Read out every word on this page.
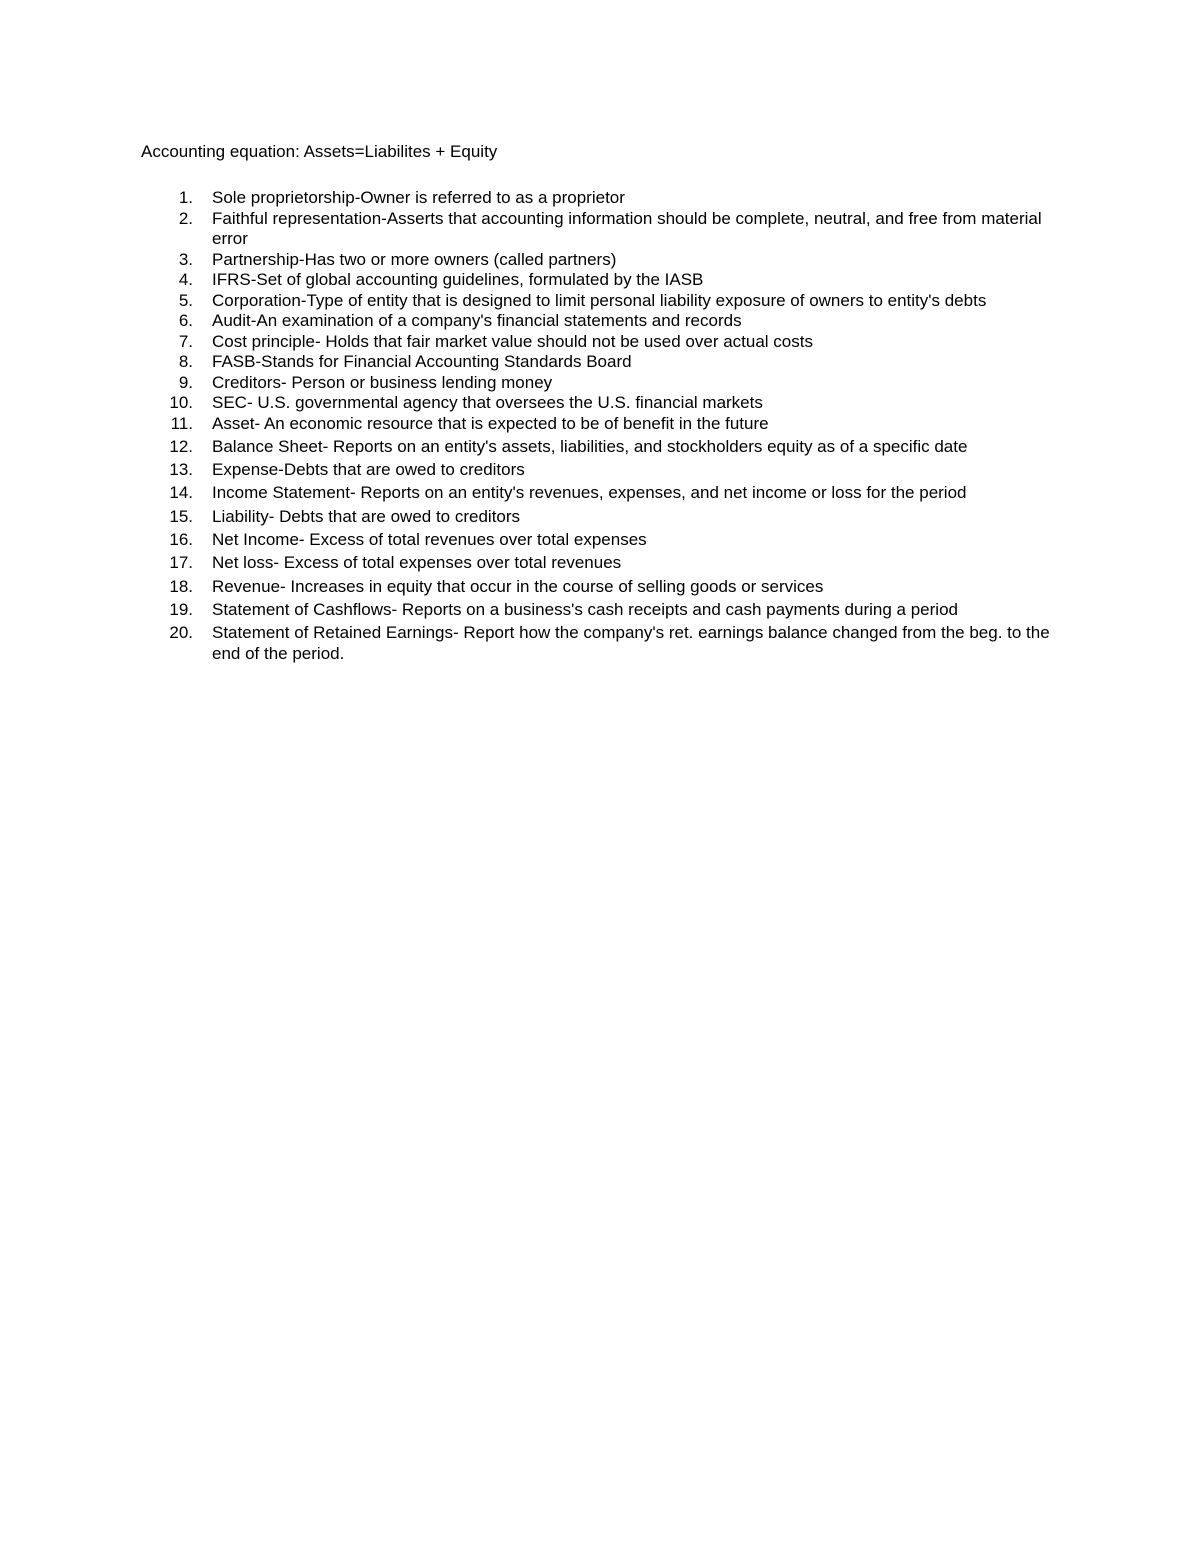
Accounting equation: Assets=Liabilites + Equity
1. Sole proprietorship-Owner is referred to as a proprietor
2. Faithful representation-Asserts that accounting information should be complete, neutral, and free from material error
3. Partnership-Has two or more owners (called partners)
4. IFRS-Set of global accounting guidelines, formulated by the IASB
5. Corporation-Type of entity that is designed to limit personal liability exposure of owners to entity's debts
6. Audit-An examination of a company's financial statements and records
7. Cost principle- Holds that fair market value should not be used over actual costs
8. FASB-Stands for Financial Accounting Standards Board
9. Creditors- Person or business lending money
10. SEC- U.S. governmental agency that oversees the U.S. financial markets
11. Asset- An economic resource that is expected to be of benefit in the future
12. Balance Sheet- Reports on an entity's assets, liabilities, and stockholders equity as of a specific date
13. Expense-Debts that are owed to creditors
14. Income Statement- Reports on an entity's revenues, expenses, and net income or loss for the period
15. Liability- Debts that are owed to creditors
16. Net Income- Excess of total revenues over total expenses
17. Net loss- Excess of total expenses over total revenues
18. Revenue- Increases in equity that occur in the course of selling goods or services
19. Statement of Cashflows- Reports on a business's cash receipts and cash payments during a period
20. Statement of Retained Earnings- Report how the company's ret. earnings balance changed from the beg. to the end of the period.
